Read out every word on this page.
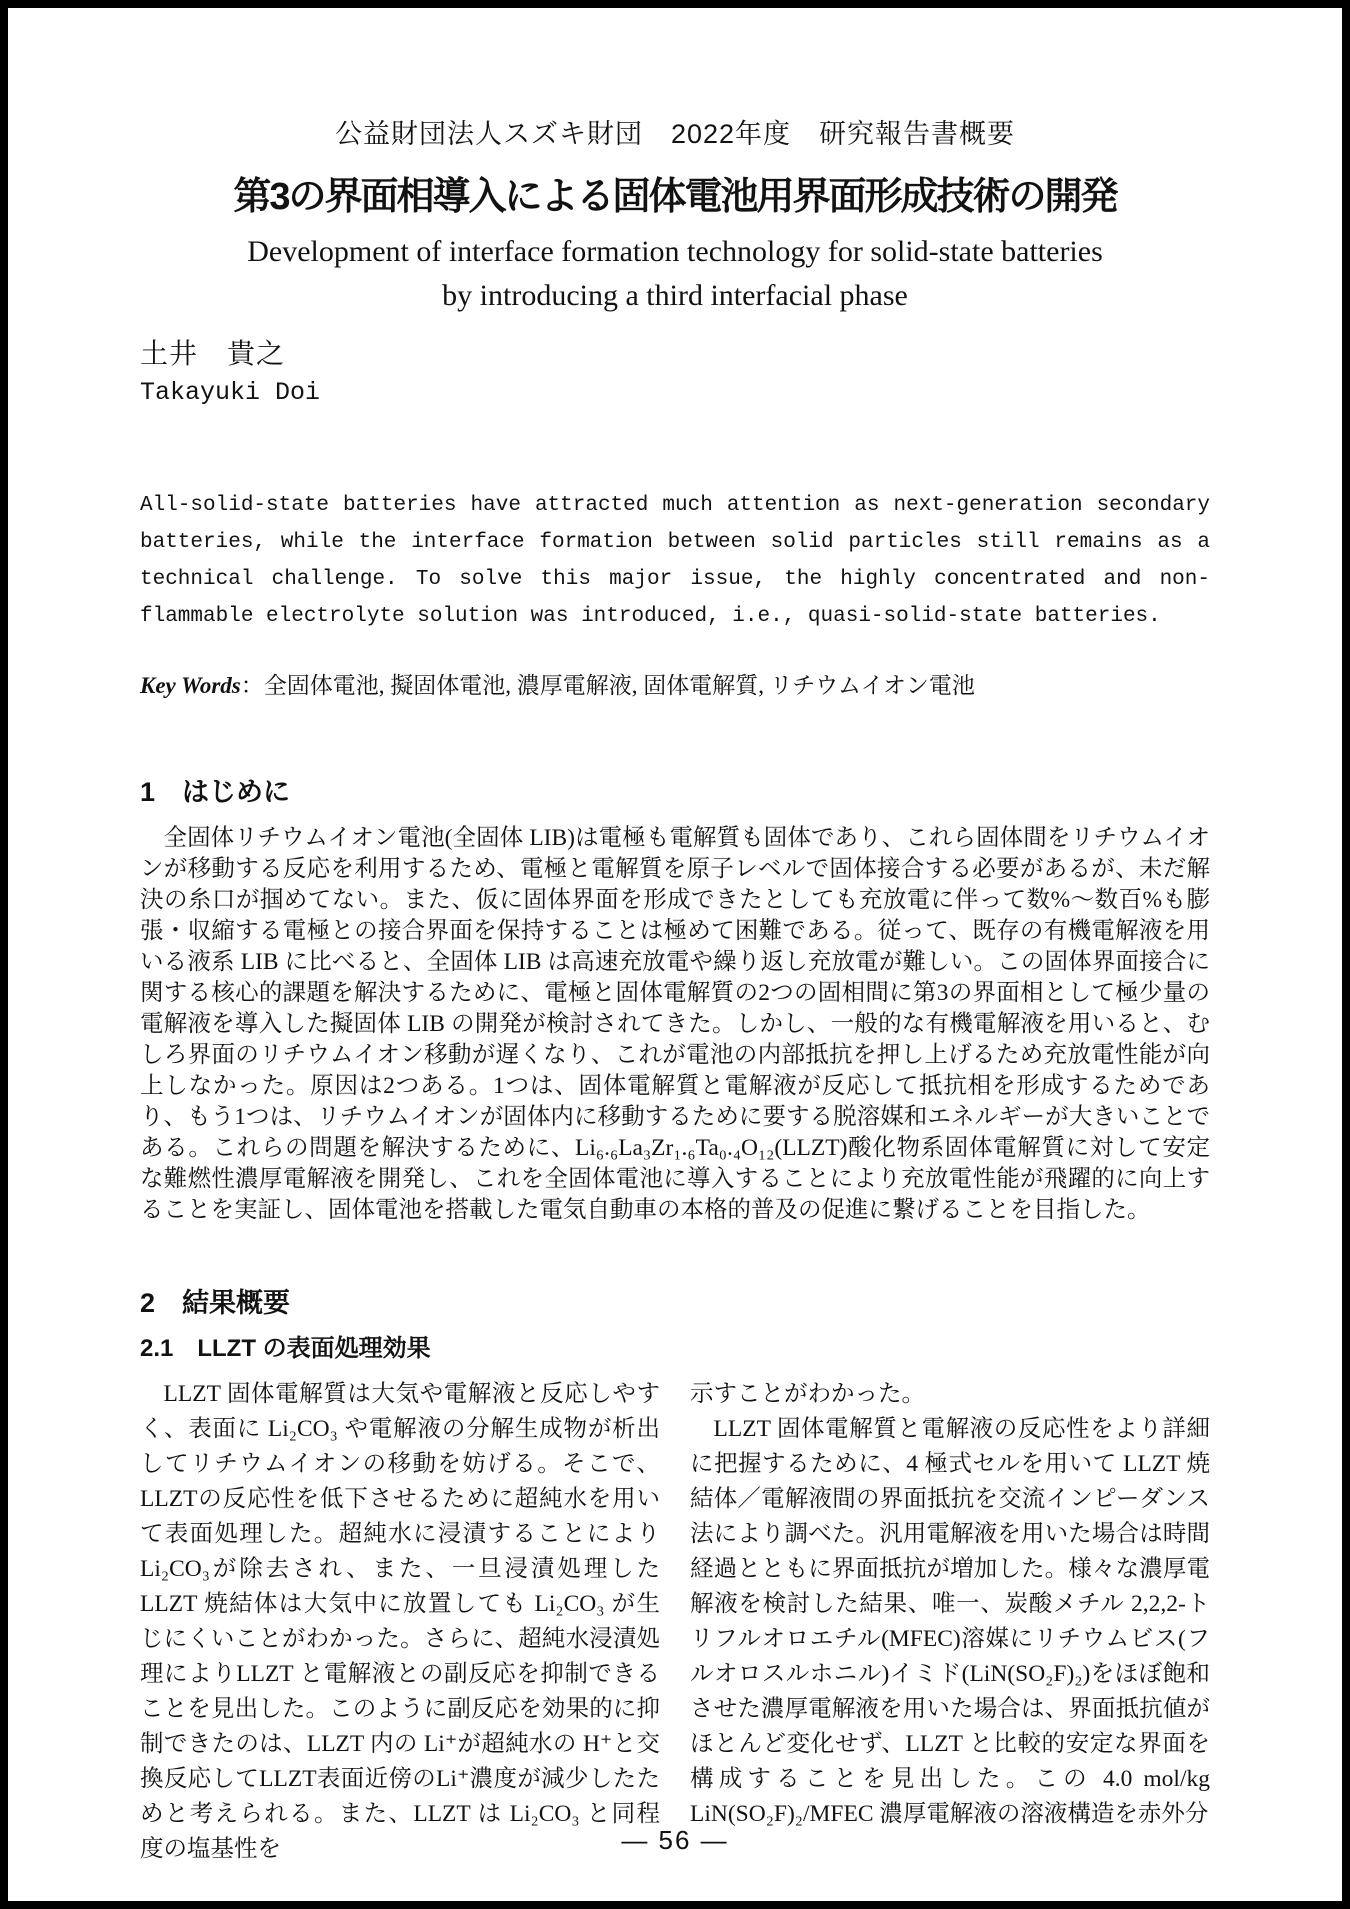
公益財団法人スズキ財団　2022年度　研究報告書概要
第3の界面相導入による固体電池用界面形成技術の開発
Development of interface formation technology for solid-state batteries
by introducing a third interfacial phase
土井　貴之
Takayuki Doi
All-solid-state batteries have attracted much attention as next-generation secondary batteries, while the interface formation between solid particles still remains as a technical challenge. To solve this major issue, the highly concentrated and non-flammable electrolyte solution was introduced, i.e., quasi-solid-state batteries.
Key Words：全固体電池, 擬固体電池, 濃厚電解液, 固体電解質, リチウムイオン電池
1　はじめに
全固体リチウムイオン電池(全固体 LIB)は電極も電解質も固体であり、これら固体間をリチウムイオンが移動する反応を利用するため、電極と電解質を原子レベルで固体接合する必要があるが、未だ解決の糸口が掴めてない。また、仮に固体界面を形成できたとしても充放電に伴って数%～数百%も膨張・収縮する電極との接合界面を保持することは極めて困難である。従って、既存の有機電解液を用いる液系 LIB に比べると、全固体 LIB は高速充放電や繰り返し充放電が難しい。この固体界面接合に関する核心的課題を解決するために、電極と固体電解質の2つの固相間に第3の界面相として極少量の電解液を導入した擬固体 LIB の開発が検討されてきた。しかし、一般的な有機電解液を用いると、むしろ界面のリチウムイオン移動が遅くなり、これが電池の内部抵抗を押し上げるため充放電性能が向上しなかった。原因は2つある。1つは、固体電解質と電解液が反応して抵抗相を形成するためであり、もう1つは、リチウムイオンが固体内に移動するために要する脱溶媒和エネルギーが大きいことである。これらの問題を解決するために、Li₆.₆La₃Zr₁.₆Ta₀.₄O₁₂(LLZT)酸化物系固体電解質に対して安定な難燃性濃厚電解液を開発し、これを全固体電池に導入することにより充放電性能が飛躍的に向上することを実証し、固体電池を搭載した電気自動車の本格的普及の促進に繋げることを目指した。
2　結果概要
2.1　LLZT の表面処理効果

LLZT 固体電解質は大気や電解液と反応しやすく、表面に Li₂CO₃ や電解液の分解生成物が析出してリチウムイオンの移動を妨げる。そこで、LLZTの反応性を低下させるために超純水を用いて表面処理した。超純水に浸漬することにより Li₂CO₃が除去され、また、一旦浸漬処理した LLZT 焼結体は大気中に放置しても Li₂CO₃ が生じにくいことがわかった。さらに、超純水浸漬処理によりLLZT と電解液との副反応を抑制できることを見出した。このように副反応を効果的に抑制できたのは、LLZT 内の Li⁺が超純水の H⁺と交換反応してLLZT表面近傍のLi⁺濃度が減少したためと考えられる。また、LLZT は Li₂CO₃ と同程度の塩基性を

示すことがわかった。

LLZT 固体電解質と電解液の反応性をより詳細に把握するために、4 極式セルを用いて LLZT 焼結体／電解液間の界面抵抗を交流インピーダンス法により調べた。汎用電解液を用いた場合は時間経過とともに界面抵抗が増加した。様々な濃厚電解液を検討した結果、唯一、炭酸メチル 2,2,2-トリフルオロエチル(MFEC)溶媒にリチウムビス(フルオロスルホニル)イミド(LiN(SO₂F)₂)をほぼ飽和させた濃厚電解液を用いた場合は、界面抵抗値がほとんど変化せず、LLZT と比較的安定な界面を構成することを見出した。この 4.0 mol/kg LiN(SO₂F)₂/MFEC 濃厚電解液の溶液構造を赤外分

— 56 —
